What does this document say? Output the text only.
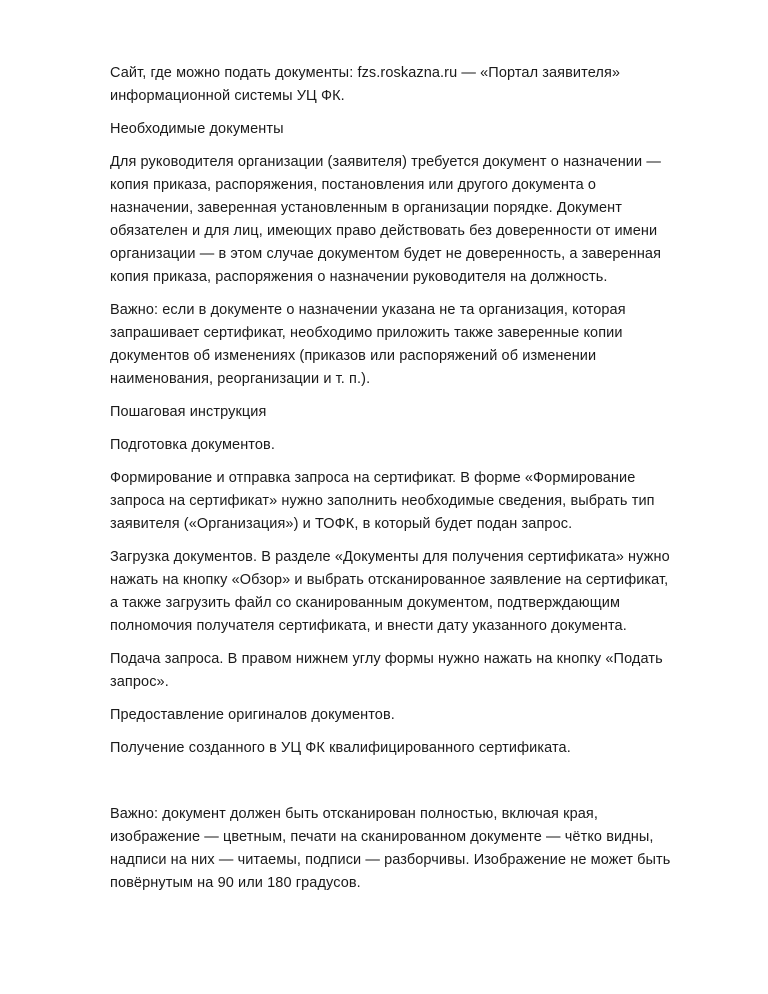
Сайт, где можно подать документы: fzs.roskazna.ru — «Портал заявителя» информационной системы УЦ ФК.

Необходимые документы

Для руководителя организации (заявителя) требуется документ о назначении — копия приказа, распоряжения, постановления или другого документа о назначении, заверенная установленным в организации порядке. Документ обязателен и для лиц, имеющих право действовать без доверенности от имени организации — в этом случае документом будет не доверенность, а заверенная копия приказа, распоряжения о назначении руководителя на должность.

Важно: если в документе о назначении указана не та организация, которая запрашивает сертификат, необходимо приложить также заверенные копии документов об изменениях (приказов или распоряжений об изменении наименования, реорганизации и т. п.).

Пошаговая инструкция

Подготовка документов.

Формирование и отправка запроса на сертификат. В форме «Формирование запроса на сертификат» нужно заполнить необходимые сведения, выбрать тип заявителя («Организация») и ТОФК, в который будет подан запрос.

Загрузка документов. В разделе «Документы для получения сертификата» нужно нажать на кнопку «Обзор» и выбрать отсканированное заявление на сертификат, а также загрузить файл со сканированным документом, подтверждающим полномочия получателя сертификата, и внести дату указанного документа.

Подача запроса. В правом нижнем углу формы нужно нажать на кнопку «Подать запрос».

Предоставление оригиналов документов.

Получение созданного в УЦ ФК квалифицированного сертификата.

Важно: документ должен быть отсканирован полностью, включая края, изображение — цветным, печати на сканированном документе — чётко видны, надписи на них — читаемы, подписи — разборчивы. Изображение не может быть повёрнутым на 90 или 180 градусов.
